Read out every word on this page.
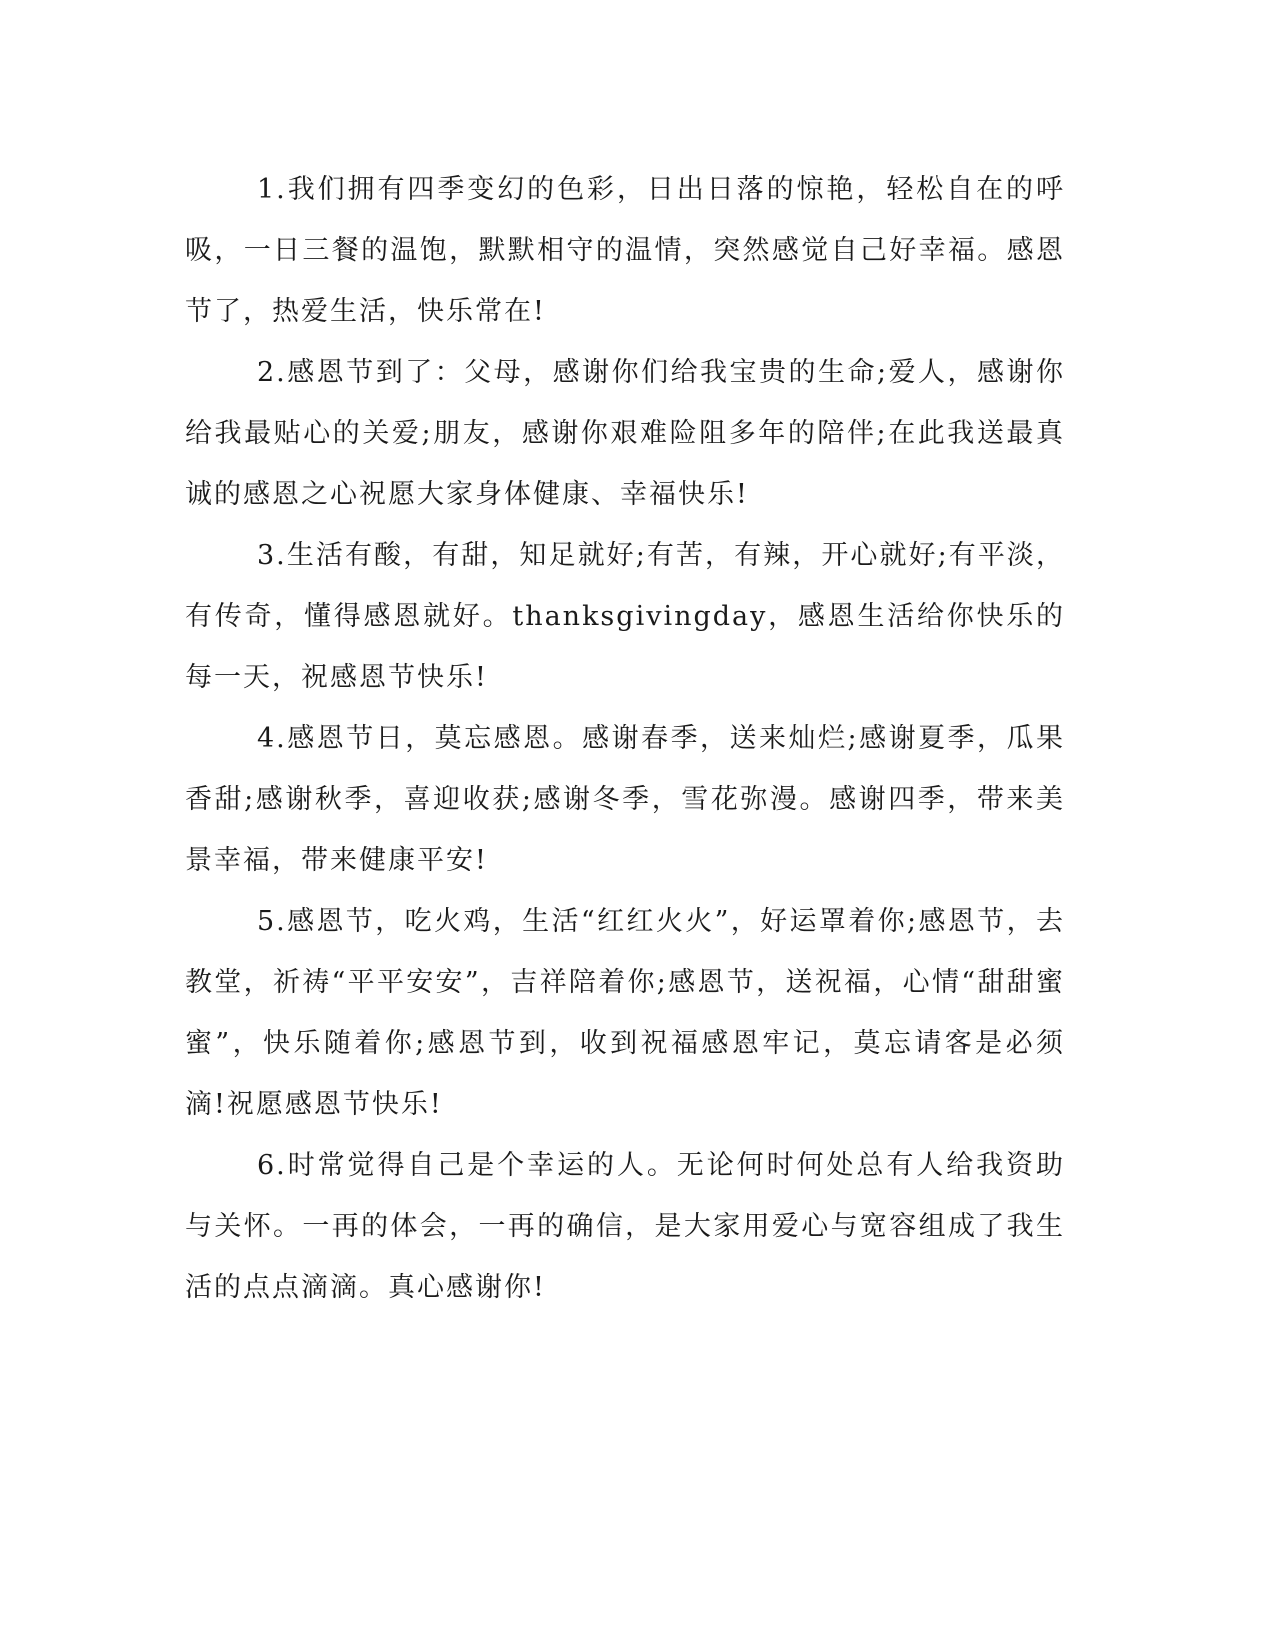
1.我们拥有四季变幻的色彩，日出日落的惊艳，轻松自在的呼吸，一日三餐的温饱，默默相守的温情，突然感觉自己好幸福。感恩节了，热爱生活，快乐常在!

2.感恩节到了：父母，感谢你们给我宝贵的生命;爱人，感谢你给我最贴心的关爱;朋友，感谢你艰难险阻多年的陪伴;在此我送最真诚的感恩之心祝愿大家身体健康、幸福快乐!

3.生活有酸，有甜，知足就好;有苦，有辣，开心就好;有平淡，有传奇，懂得感恩就好。thanksgivingday，感恩生活给你快乐的每一天，祝感恩节快乐!

4.感恩节日，莫忘感恩。感谢春季，送来灿烂;感谢夏季，瓜果香甜;感谢秋季，喜迎收获;感谢冬季，雪花弥漫。感谢四季，带来美景幸福，带来健康平安!

5.感恩节，吃火鸡，生活“红红火火”，好运罩着你;感恩节，去教堂，祈祷“平平安安”，吉祥陪着你;感恩节，送祝福，心情“甜甜蜜蜜”，快乐随着你;感恩节到，收到祝福感恩牢记，莫忘请客是必须滴!祝愿感恩节快乐!

6.时常觉得自己是个幸运的人。无论何时何处总有人给我资助与关怀。一再的体会，一再的确信，是大家用爱心与宽容组成了我生活的点点滴滴。真心感谢你!
